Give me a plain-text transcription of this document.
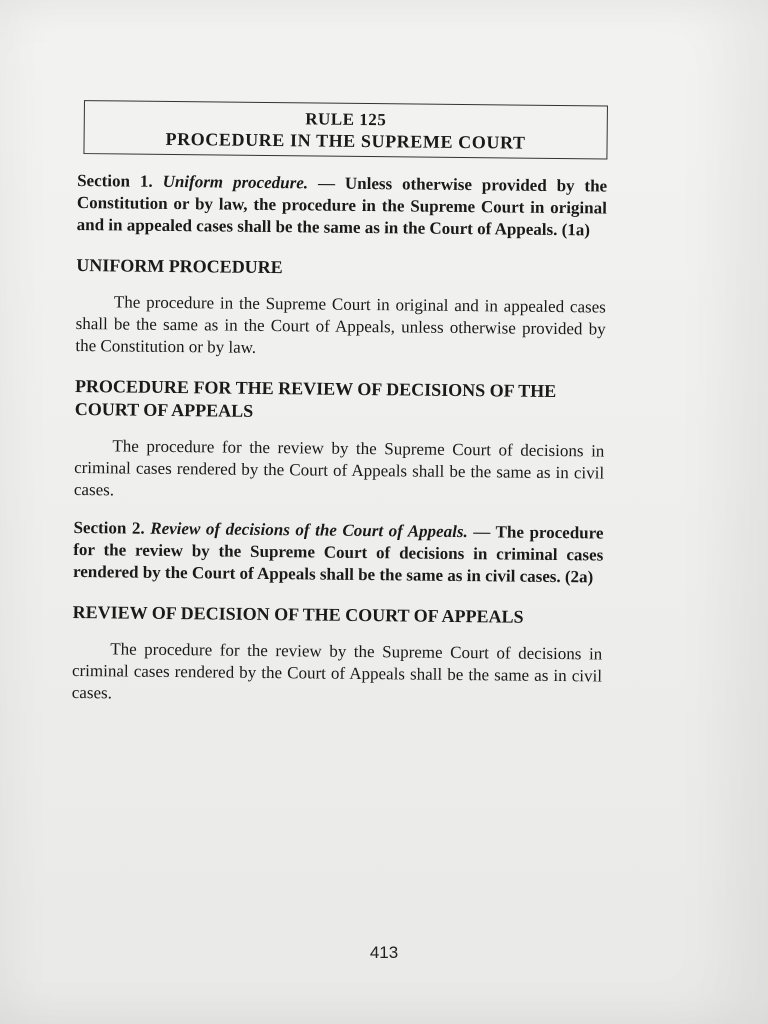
RULE 125
PROCEDURE IN THE SUPREME COURT
Section 1. Uniform procedure. — Unless otherwise provided by the Constitution or by law, the procedure in the Supreme Court in original and in appealed cases shall be the same as in the Court of Appeals. (1a)
UNIFORM PROCEDURE
The procedure in the Supreme Court in original and in appealed cases shall be the same as in the Court of Appeals, unless otherwise provided by the Constitution or by law.
PROCEDURE FOR THE REVIEW OF DECISIONS OF THE COURT OF APPEALS
The procedure for the review by the Supreme Court of decisions in criminal cases rendered by the Court of Appeals shall be the same as in civil cases.
Section 2. Review of decisions of the Court of Appeals. — The procedure for the review by the Supreme Court of decisions in criminal cases rendered by the Court of Appeals shall be the same as in civil cases. (2a)
REVIEW OF DECISION OF THE COURT OF APPEALS
The procedure for the review by the Supreme Court of decisions in criminal cases rendered by the Court of Appeals shall be the same as in civil cases.
413
